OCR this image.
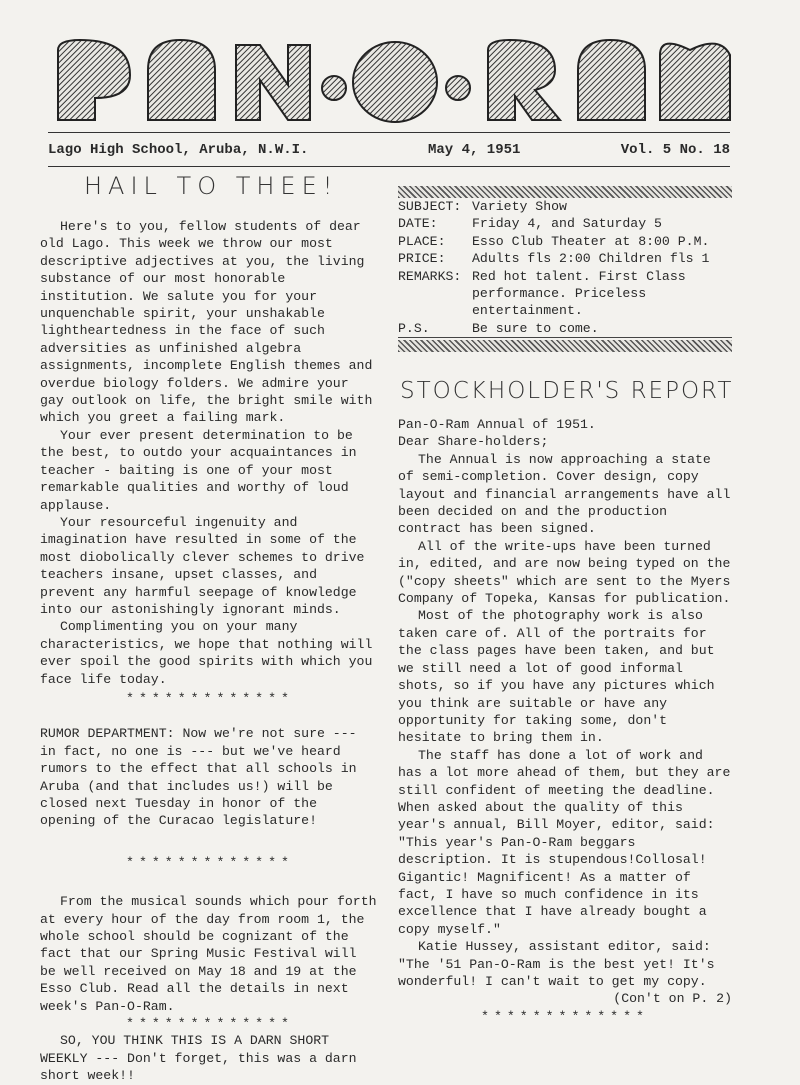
Lago High School, Aruba, N.W.I.	May 4, 1951	Vol. 5 No. 18
HAIL TO THEE!

Here's to you, fellow students of dear old Lago. This week we throw our most descriptive adjectives at you, the living substance of our most honorable institution. We salute you for your unquenchable spirit, your unshakable lightheartedness in the face of such adversities as unfinished algebra assignments, incomplete English themes and overdue biology folders. We admire your gay outlook on life, the bright smile with which you greet a failing mark.

Your ever present determination to be the best, to outdo your acquaintances in teacher - baiting is one of your most remarkable qualities and worthy of loud applause.

Your resourceful ingenuity and imagination have resulted in some of the most diobolically clever schemes to drive teachers insane, upset classes, and prevent any harmful seepage of knowledge into our astonishingly ignorant minds.

Complimenting you on your many characteristics, we hope that nothing will ever spoil the good spirits with which you face life today.

*************

RUMOR DEPARTMENT: Now we're not sure --- in fact, no one is --- but we've heard rumors to the effect that all schools in Aruba (and that includes us!) will be closed next Tuesday in honor of the opening of the Curacao legislature!

*************

From the musical sounds which pour forth at every hour of the day from room 1, the whole school should be cognizant of the fact that our Spring Music Festival will be well received on May 18 and 19 at the Esso Club. Read all the details in next week's Pan-O-Ram.

*************

SO, YOU THINK THIS IS A DARN SHORT WEEKLY --- Don't forget, this was a darn short week!!

SUBJECT: Variety Show
DATE:	Friday 4, and Saturday 5
PLACE:	Esso Club Theater at 8:00 P.M.
PRICE:	Adults fls 2:00 Children fls 1
REMARKS: Red hot talent. First Class performance. Priceless entertainment.
P.S.	Be sure to come.
STOCKHOLDER'S REPORT

Pan-O-Ram Annual of 1951.

Dear Share-holders;

The Annual is now approaching a state of semi-completion. Cover design, copy layout and financial arrangements have all been decided on and the production contract has been signed.

All of the write-ups have been turned in, edited, and are now being typed on the ("copy sheets" which are sent to the Myers Company of Topeka, Kansas for publication.

Most of the photography work is also taken care of. All of the portraits for the class pages have been taken, and but we still need a lot of good informal shots, so if you have any pictures which you think are suitable or have any opportunity for taking some, don't hesitate to bring them in.

The staff has done a lot of work and has a lot more ahead of them, but they are still confident of meeting the deadline. When asked about the quality of this year's annual, Bill Moyer, editor, said: "This year's Pan-O-Ram beggars description. It is stupendous!Collosal! Gigantic! Magnificent! As a matter of fact, I have so much confidence in its excellence that I have already bought a copy myself."

Katie Hussey, assistant editor, said: "The '51 Pan-O-Ram is the best yet! It's wonderful! I can't wait to get my copy.

(Con't on P. 2)

*************
